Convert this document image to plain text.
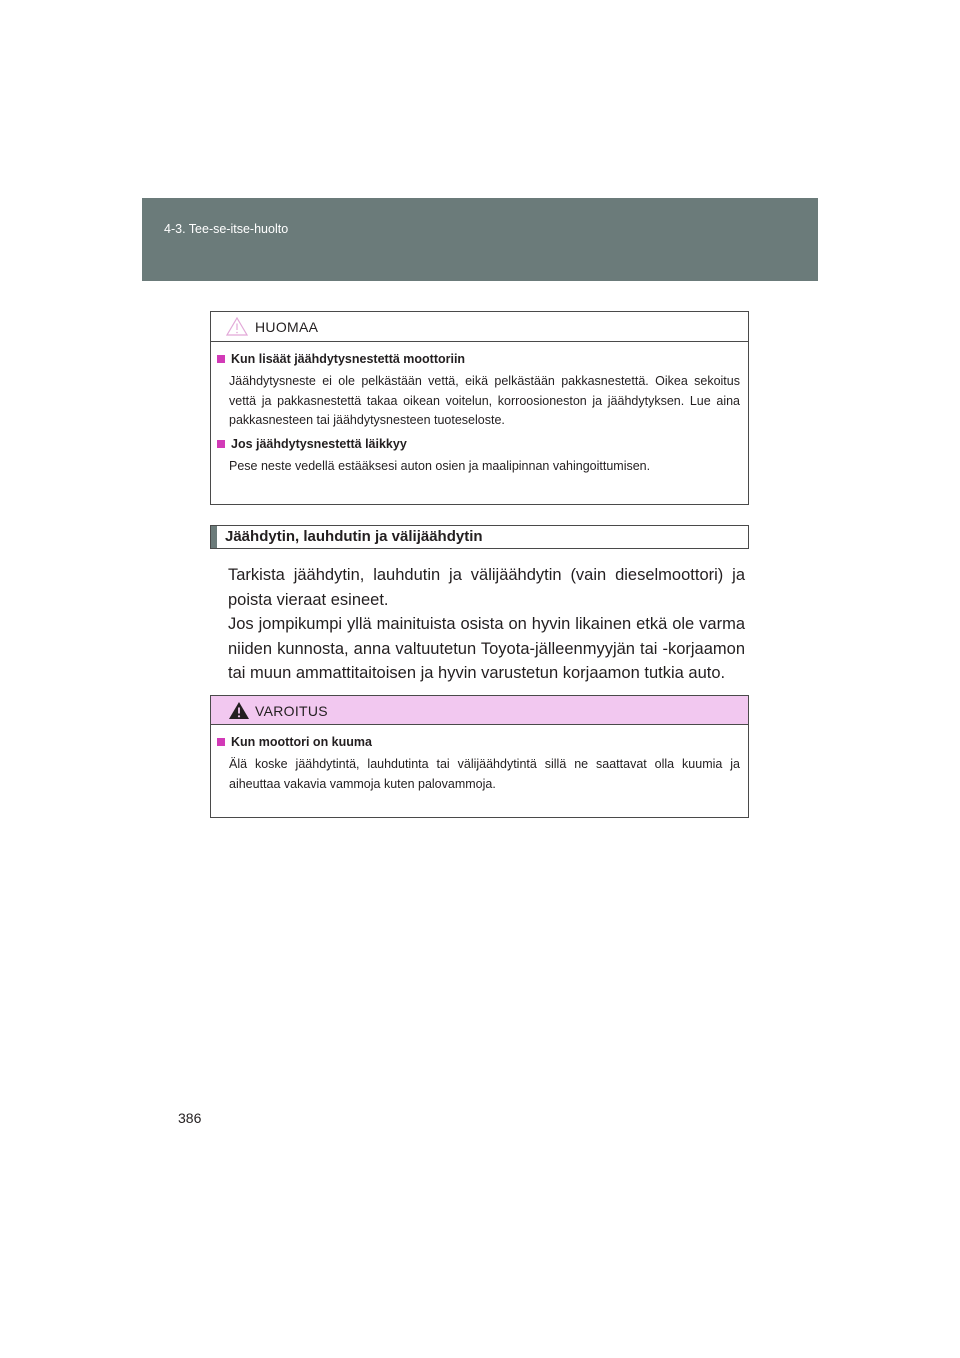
4-3. Tee-se-itse-huolto
HUOMAA
Kun lisäät jäähdytysnestettä moottoriin
Jäähdytysneste ei ole pelkästään vettä, eikä pelkästään pakkasnestettä. Oikea sekoitus vettä ja pakkasnestettä takaa oikean voitelun, korroosioneston ja jäähdytyksen. Lue aina pakkasnesteen tai jäähdytysnesteen tuoteseloste.
Jos jäähdytysnestettä läikkyy
Pese neste vedellä estääksesi auton osien ja maalipinnan vahingoittumisen.
Jäähdytin, lauhdutin ja välijäähdytin

Tarkista jäähdytin, lauhdutin ja välijäähdytin (vain dieselmoottori) ja poista vieraat esineet.

Jos jompikumpi yllä mainituista osista on hyvin likainen etkä ole varma niiden kunnosta, anna valtuutetun Toyota-jälleenmyyjän tai -korjaamon tai muun ammattitaitoisen ja hyvin varustetun korjaamon tutkia auto.

VAROITUS
Kun moottori on kuuma
Älä koske jäähdytintä, lauhdutinta tai välijäähdytintä sillä ne saattavat olla kuumia ja aiheuttaa vakavia vammoja kuten palovammoja.
386
